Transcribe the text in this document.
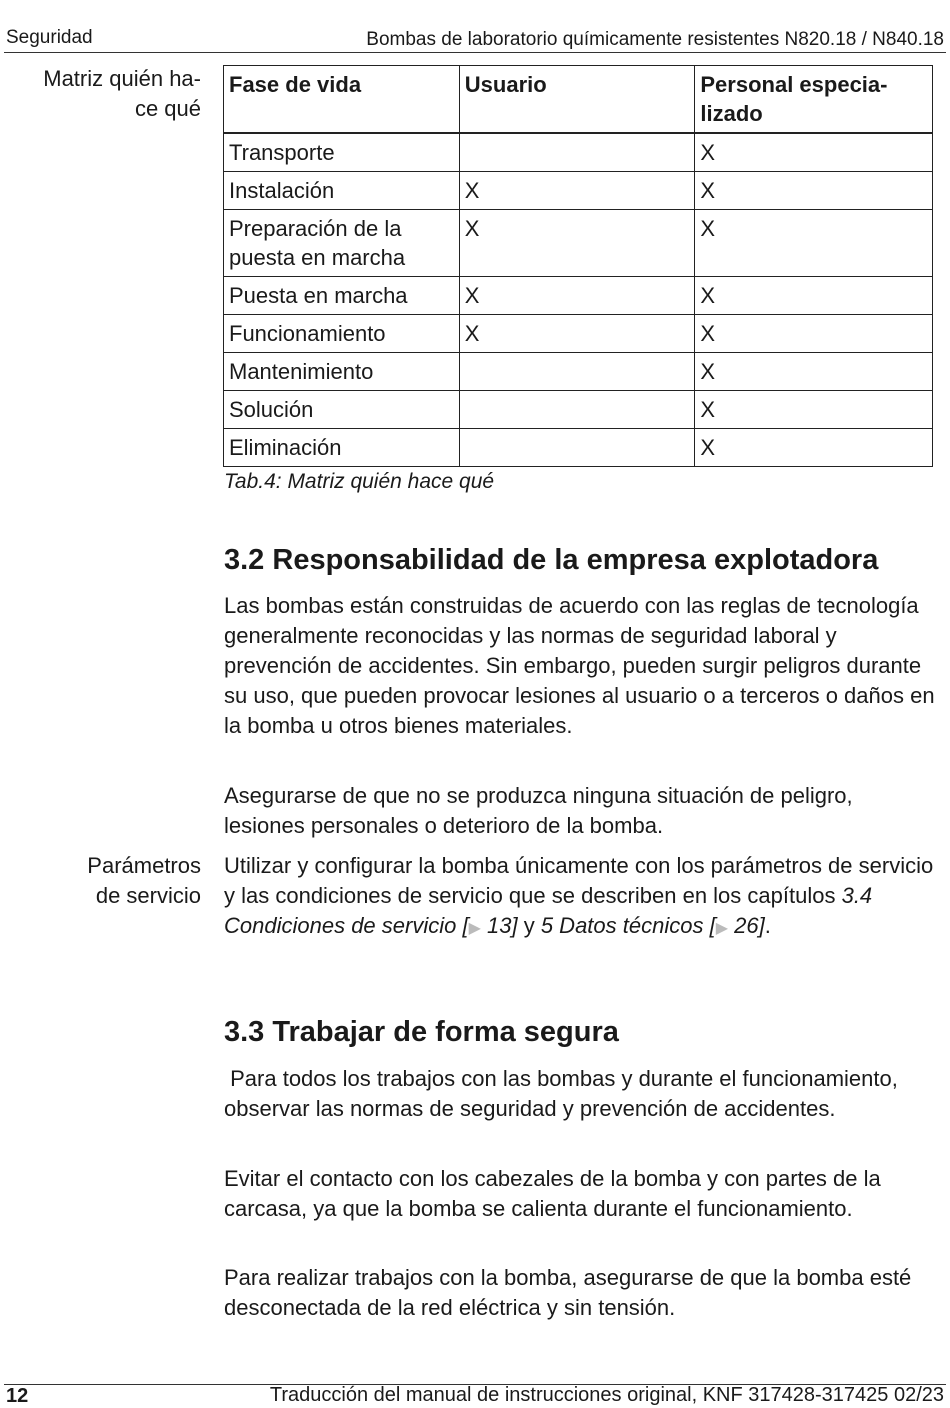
Seguridad	Bombas de laboratorio químicamente resistentes N820.18 / N840.18
Matriz quién ha-
ce qué
Fase de vida	Usuario	Personal especia-lizado
Transporte		X
Instalación	X	X
Preparación de la puesta en marcha	X	X
Puesta en marcha	X	X
Funcionamiento	X	X
Mantenimiento		X
Solución		X
Eliminación		X
Tab.4: Matriz quién hace qué
3.2 Responsabilidad de la empresa explotadora

Las bombas están construidas de acuerdo con las reglas de tecnología generalmente reconocidas y las normas de seguridad laboral y prevención de accidentes. Sin embargo, pueden surgir peligros durante su uso, que pueden provocar lesiones al usuario o a terceros o daños en la bomba u otros bienes materiales.

Asegurarse de que no se produzca ninguna situación de peligro, lesiones personales o deterioro de la bomba.

Parámetros
de servicio

Utilizar y configurar la bomba únicamente con los parámetros de servicio y las condiciones de servicio que se describen en los capítulos 3.4 Condiciones de servicio [▶ 13] y 5 Datos técnicos [▶ 26].

3.3 Trabajar de forma segura

Para todos los trabajos con las bombas y durante el funcionamiento, observar las normas de seguridad y prevención de accidentes.

Evitar el contacto con los cabezales de la bomba y con partes de la carcasa, ya que la bomba se calienta durante el funcionamiento.

Para realizar trabajos con la bomba, asegurarse de que la bomba esté desconectada de la red eléctrica y sin tensión.

12	Traducción del manual de instrucciones original, KNF 317428-317425 02/23
